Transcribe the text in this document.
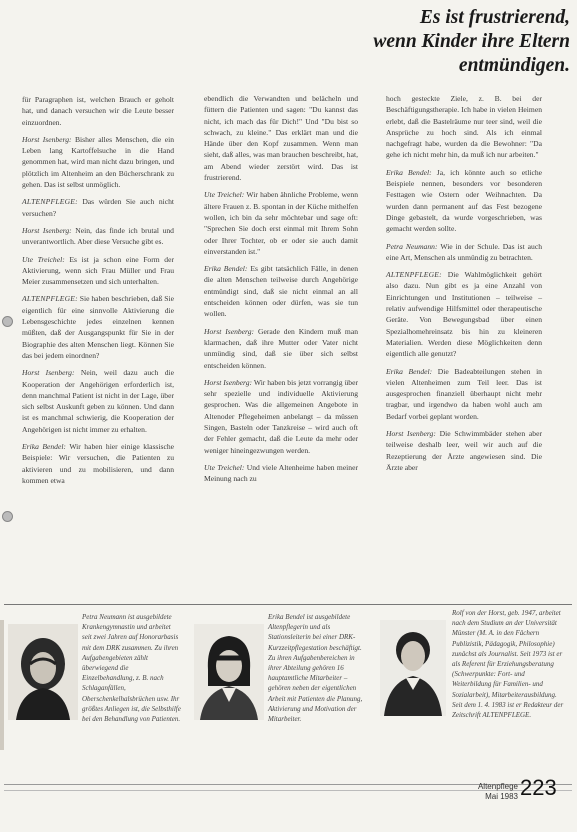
Es ist frustrierend,
wenn Kinder ihre Eltern
entmündigen.

für Paragraphen ist, welchen Brauch er geholt hat, und danach versuchen wir die Leute besser einzuordnen.

Horst Isenberg: Bisher alles Menschen, die ein Leben lang Kartoffelsuche in die Hand genommen hat, wird man nicht dazu bringen, und plötzlich im Altenheim an den Bücherschrank zu gehen. Das ist selbst unmöglich.

ALTENPFLEGE: Das würden Sie auch nicht versuchen?

Horst Isenberg: Nein, das finde ich brutal und unverantwortlich. Aber diese Versuche gibt es.

Ute Treichel: Es ist ja schon eine Form der Aktivierung, wenn sich Frau Müller und Frau Meier zusammensetzen und sich unterhalten.

ALTENPFLEGE: Sie haben beschrieben, daß Sie eigentlich für eine sinnvolle Aktivierung die Lebensgeschichte jedes einzelnen kennen müßten, daß der Ausgangspunkt für Sie in der Biographie des alten Menschen liegt. Können Sie das bei jedem einordnen?

Horst Isenberg: Nein, weil dazu auch die Kooperation der Angehörigen erforderlich ist, denn manchmal Patient ist nicht in der Lage, über sich selbst Auskunft geben zu können. Und dann ist es manchmal schwierig, die Kooperation der Angehörigen ist nicht immer zu erhalten.

Erika Bendel: Wir haben hier einige klassische Beispiele: Wir versuchen, die Patienten zu aktivieren und zu mobilisieren, und dann kommen etwa

ebendlich die Verwandten und belächeln und füttern die Patienten und sagen: "Du kannst das nicht, ich mach das für Dich!" Und "Du bist so schwach, zu kleine." Das erklärt man und die Hände über den Kopf zusammen. Wenn man sieht, daß alles, was man brauchen beschreibt, hat, am Abend wieder zerstört wird. Das ist frustrierend.

Ute Treichel: Wir haben ähnliche Probleme, wenn ältere Frauen z. B. spontan in der Küche mithelfen wollen, ich bin da sehr möchtebar und sage oft: "Sprechen Sie doch erst einmal mit Ihrem Sohn oder Ihrer Tochter, ob er oder sie auch damit einverstanden ist."

Erika Bendel: Es gibt tatsächlich Fälle, in denen die alten Menschen teilweise durch Angehörige entmündigt sind, daß sie nicht einmal an all entscheiden können oder dürfen, was sie tun wollen.

Horst Isenberg: Gerade den Kindern muß man klarmachen, daß ihre Mutter oder Vater nicht unmündig sind, daß sie über sich selbst entscheiden können.

Horst Isenberg: Wir haben bis jetzt vorrangig über sehr spezielle und individuelle Aktivierung gesprochen. Was die allgemeinen Angebote in Altenoder Pflegeheimen anbelangt – da müssen Singen, Basteln oder Tanzkreise – wird auch oft der Fehler gemacht, daß die Leute da mehr oder weniger hineingezwungen werden.

Ute Treichel: Und viele Altenheime haben meiner Meinung nach zu

hoch gesteckte Ziele, z. B. bei der Beschäftigungstherapie. Ich habe in vielen Heimen erlebt, daß die Bastelräume nur teer sind, weil die Ansprüche zu hoch sind. Als ich einmal nachgefragt habe, wurden da die Bewohner: "Da gehe ich nicht mehr hin, da muß ich nur arbeiten."

Erika Bendel: Ja, ich könnte auch so etliche Beispiele nennen, besonders vor besonderen Festtagen wie Ostern oder Weihnachten. Da wurden dann permanent auf das Fest bezogene Dinge gebastelt, da wurde vorgeschrieben, was gemacht werden sollte.

Petra Neumann: Wie in der Schule. Das ist auch eine Art, Menschen als unmündig zu betrachten.

ALTENPFLEGE: Die Wahlmöglichkeit gehört also dazu. Nun gibt es ja eine Anzahl von Einrichtungen und Institutionen – teilweise – relativ aufwendige Hilfsmittel oder therapeutische Geräte. Von Bewegungsbad über einen Spezialhomehreinsatz bis hin zu kleineren Materialien. Werden diese Möglichkeiten denn eigentlich alle genutzt?

Erika Bendel: Die Badeabteilungen stehen in vielen Altenheimen zum Teil leer. Das ist ausgesprochen finanziell überhaupt nicht mehr tragbar, und irgendwo da haben wohl auch am Bedarf vorbei geplant worden.

Horst Isenberg: Die Schwimmbäder stehen aber teilweise deshalb leer, weil wir auch auf die Rezeptierung der Ärzte angewiesen sind. Die Ärzte aber

Petra Neumann ist ausgebildete Krankengymnastin und arbeitet seit zwei Jahren auf Honorarbasis mit dem DRK zusammen. Zu ihren Aufgabengebieten zählt überwiegend die Einzelbehandlung, z. B. nach Schlaganfällen, Oberschenkelhalsbrüchen usw. Ihr größtes Anliegen ist, die Selbsthilfe bei den Behandlung von Patienten.
Erika Bendel ist ausgebildete Altenpflegerin und als Stationsleiterin bei einer DRK-Kurzzeitpflegestation beschäftigt. Zu ihren Aufgabenbereichen in ihrer Abteilung gehören 16 hauptamtliche Mitarbeiter – gehören neben der eigentlichen Arbeit mit Patienten die Planung, Aktivierung und Motivation der Mitarbeiter.
Rolf von der Horst, geb. 1947, arbeitet nach dem Studium an der Universität Münster (M. A. in den Fächern Publizistik, Pädagogik, Philosophie) zunächst als Journalist. Seit 1973 ist er als Referent für Erziehungsberatung (Schwerpunkte: Fort- und Weiterbildung für Familien- und Sozialarbeit), Mitarbeiterausbildung. Seit dem 1. 4. 1983 ist er Redakteur der Zeitschrift ALTENPFLEGE.
Altenpflege
Mai 1983 223
